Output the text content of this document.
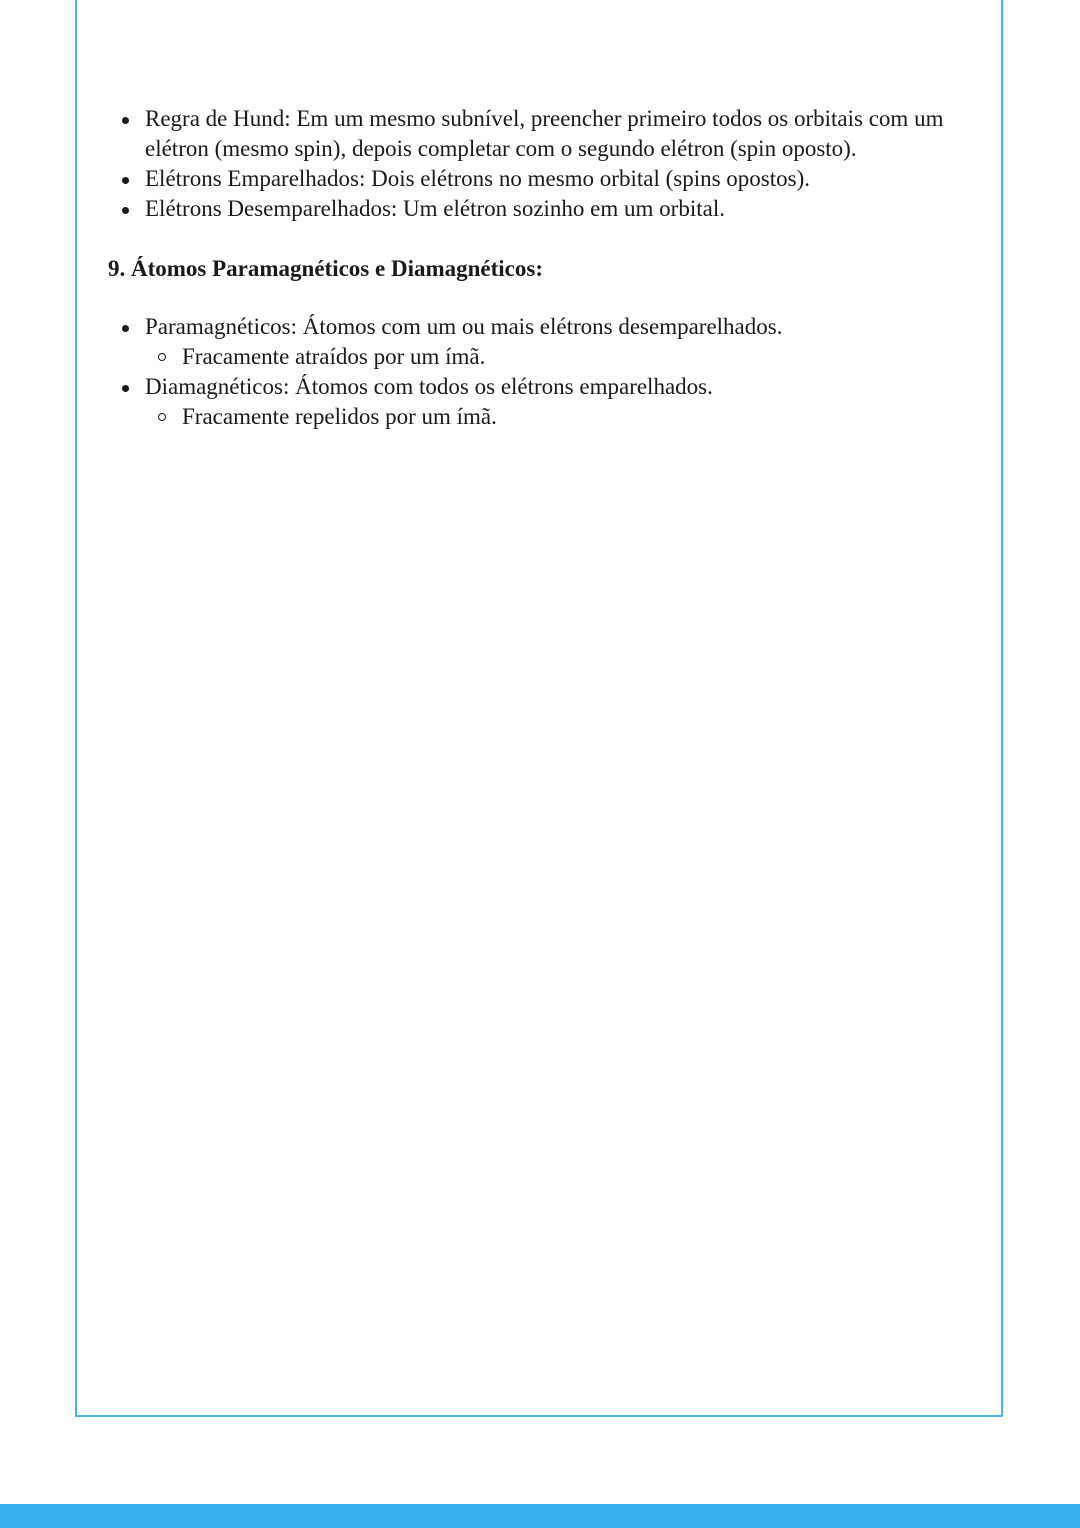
Regra de Hund: Em um mesmo subnível, preencher primeiro todos os orbitais com um elétron (mesmo spin), depois completar com o segundo elétron (spin oposto).
Elétrons Emparelhados: Dois elétrons no mesmo orbital (spins opostos).
Elétrons Desemparelhados: Um elétron sozinho em um orbital.
9. Átomos Paramagnéticos e Diamagnéticos:
Paramagnéticos: Átomos com um ou mais elétrons desemparelhados.
Fracamente atraídos por um ímã.
Diamagnéticos: Átomos com todos os elétrons emparelhados.
Fracamente repelidos por um ímã.
